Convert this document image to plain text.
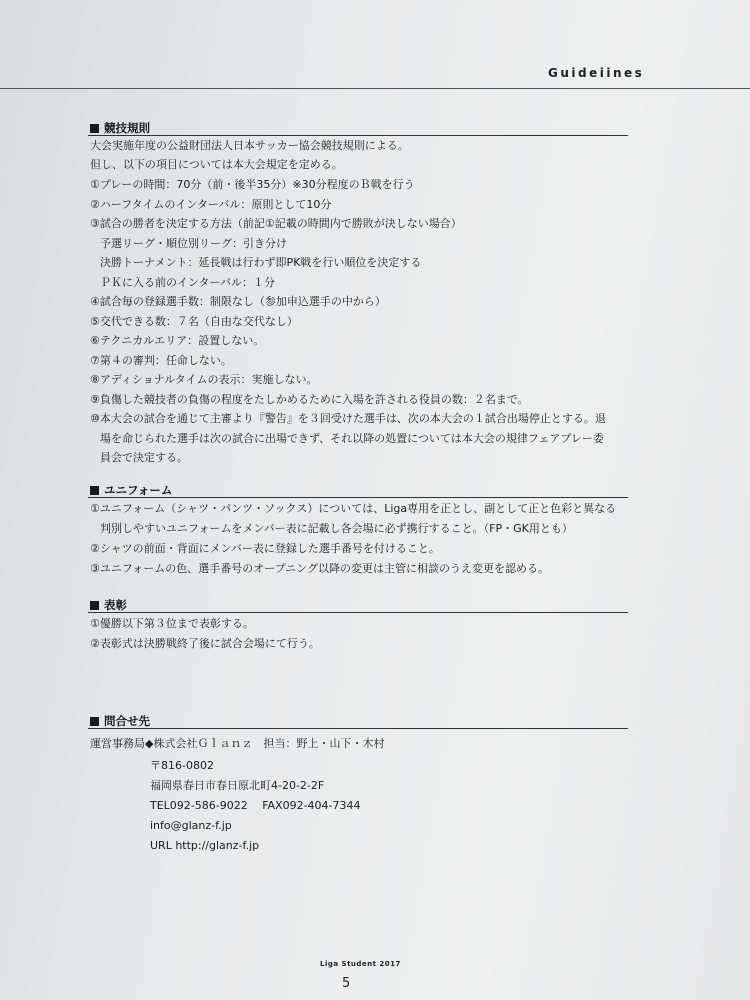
Guideiines
競技規則
大会実施年度の公益財団法人日本サッカー協会競技規則による。
但し、以下の項目については本大会規定を定める。
①プレーの時間：70分（前・後半35分）※30分程度のＢ戦を行う
②ハーフタイムのインターバル：原則として10分
③試合の勝者を決定する方法（前記①記載の時間内で勝敗が決しない場合）
予選リーグ・順位別リーグ：引き分け
決勝トーナメント：延長戦は行わず即PK戦を行い順位を決定する
ＰＫに入る前のインターバル：１分
④試合毎の登録選手数：制限なし（参加申込選手の中から）
⑤交代できる数：７名（自由な交代なし）
⑥テクニカルエリア：設置しない。
⑦第４の審判：任命しない。
⑧アディショナルタイムの表示：実施しない。
⑨負傷した競技者の負傷の程度をたしかめるために入場を許される役員の数：２名まで。
⑩本大会の試合を通じて主審より『警告』を３回受けた選手は、次の本大会の１試合出場停止とする。退
場を命じられた選手は次の試合に出場できず、それ以降の処置については本大会の規律フェアプレー委
員会で決定する。
ユニフォーム
①ユニフォーム（シャツ・パンツ・ソックス）については、Liga専用を正とし、副として正と色彩と異なる
判別しやすいユニフォームをメンバー表に記載し各会場に必ず携行すること。（FP・GK用とも）
②シャツの前面・背面にメンバー表に登録した選手番号を付けること。
③ユニフォームの色、選手番号のオープニング以降の変更は主管に相談のうえ変更を認める。
表彰
①優勝以下第３位まで表彰する。
②表彰式は決勝戦終了後に試合会場にて行う。
問合せ先
運営事務局◆株式会社Ｇｌａｎｚ　担当：野上・山下・木村
〒816-0802
福岡県春日市春日原北町4-20-2-2F
TEL092-586-9022　 FAX092-404-7344
info@glanz-f.jp
URL http://glanz-f.jp
Liga Student 2017
5
